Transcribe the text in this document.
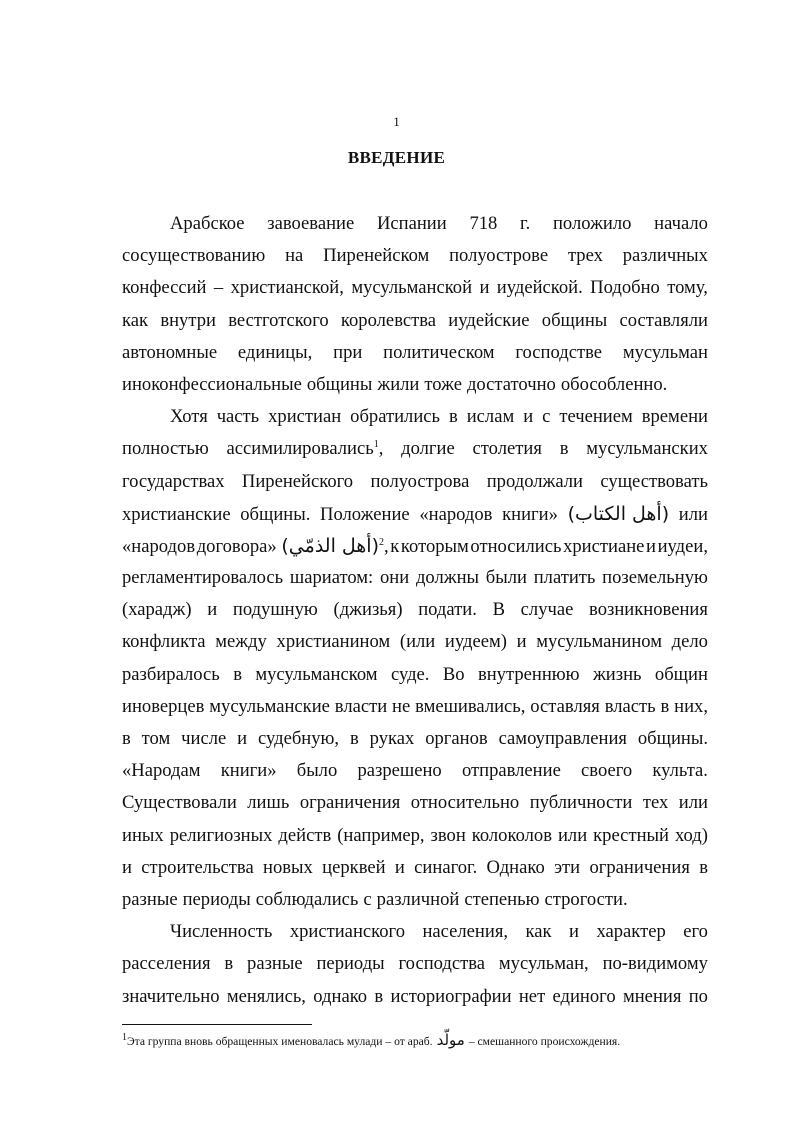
1
ВВЕДЕНИЕ
Арабское завоевание Испании 718 г. положило начало
сосуществованию на Пиренейском полуострове трех различных
конфессий – христианской, мусульманской и иудейской. Подобно тому,
как внутри вестготского королевства иудейские общины составляли
автономные единицы, при политическом господстве мусульман
иноконфессиональные общины жили тоже достаточно обособленно.
Хотя часть христиан обратились в ислам и с течением времени
полностью ассимилировались$^1$, долгие столетия в мусульманских
государствах Пиренейского полуострова продолжали существовать
христианские общины. Положение «народов книги» (أهل الكتاب) или
«народов договора» (أهل الذمّي)$^2$, к которым относились христиане и иудеи,
регламентировалось шариатом: они должны были платить поземельную
(харадж) и подушную (джизья) подати. В случае возникновения
конфликта между христианином (или иудеем) и мусульманином дело
разбиралось в мусульманском суде. Во внутреннюю жизнь общин
иноверцев мусульманские власти не вмешивались, оставляя власть в них,
в том числе и судебную, в руках органов самоуправления общины.
«Народам книги» было разрешено отправление своего культа.
Существовали лишь ограничения относительно публичности тех или
иных религиозных действ (например, звон колоколов или крестный ход)
и строительства новых церквей и синагог. Однако эти ограничения в
разные периоды соблюдались с различной степенью строгости.
Численность христианского населения, как и характер его
расселения в разные периоды господства мусульман, по-видимому
значительно менялись, однако в историографии нет единого мнения по
$^1$Эта группа вновь обращенных именовалась мулади – от араб. مولّد – смешанного происхождения.
